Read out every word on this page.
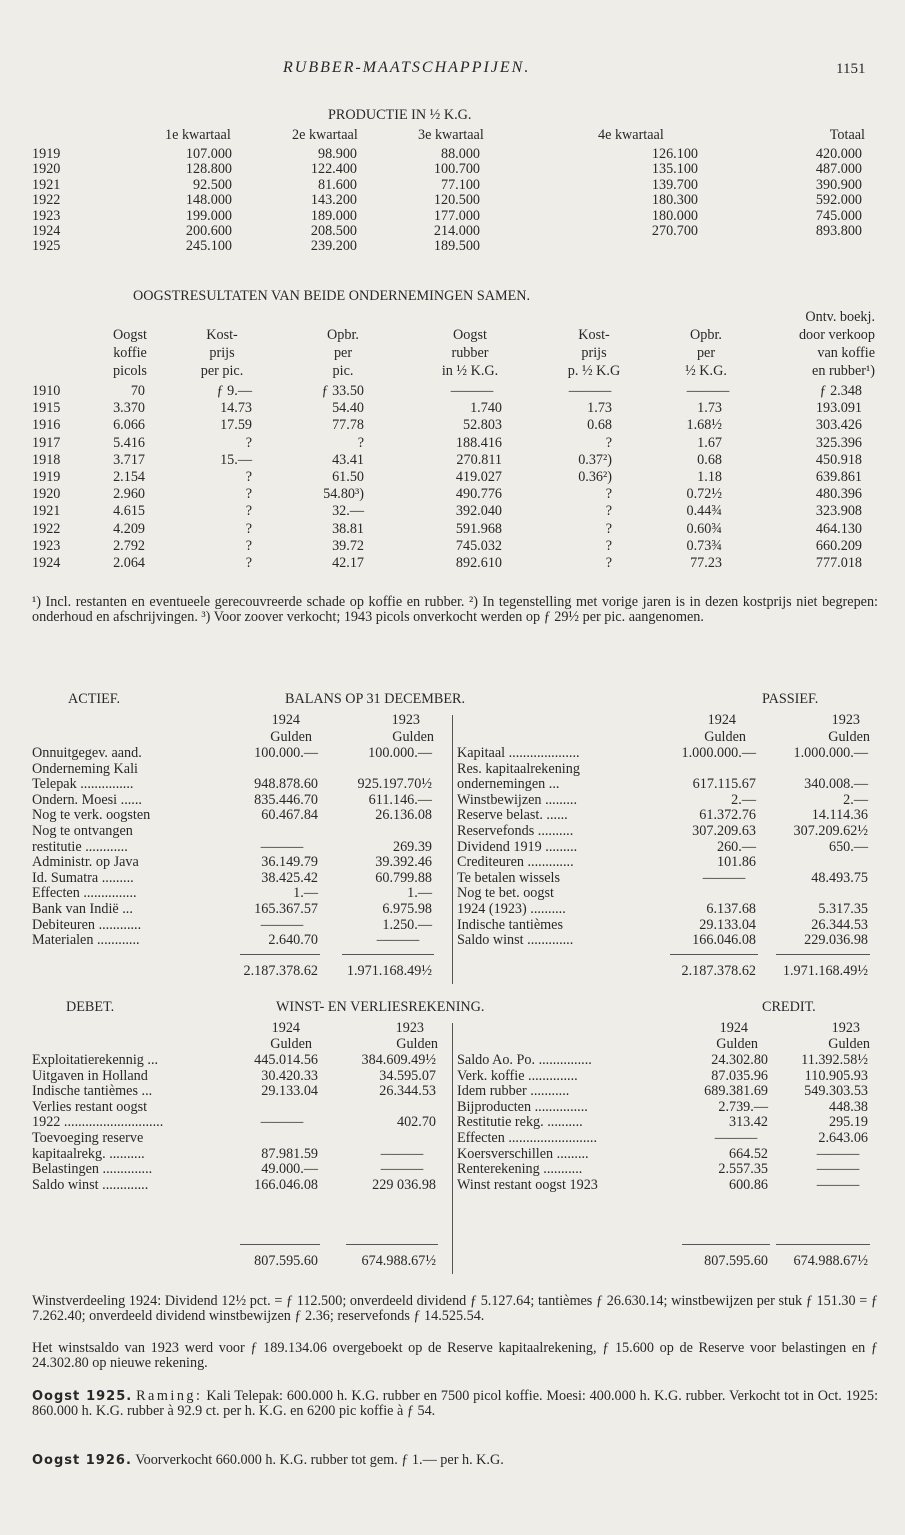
RUBBER-MAATSCHAPPIJEN.	1151
PRODUCTIE IN ½ K.G.
1e kwartaal	2e kwartaal	3e kwartaal	4e kwartaal	Totaal
1919	107.000	98.900	88.000	126.100	420.000
1920	128.800	122.400	100.700	135.100	487.000
1921	92.500	81.600	77.100	139.700	390.900
1922	148.000	143.200	120.500	180.300	592.000
1923	199.000	189.000	177.000	180.000	745.000
1924	200.600	208.500	214.000	270.700	893.800
1925	245.100	239.200	189.500
OOGSTRESULTATEN VAN BEIDE ONDERNEMINGEN SAMEN.
Oogst
koffie
picols
Kost-
prijs
per pic.
Opbr.
per
pic.
Oogst
rubber
in ½ K.G.
Kost-
prijs
p. ½ K.G
Opbr.
per
½ K.G.
Ontv. boekj.
door verkoop
van koffie
en rubber¹)
1910	70	ƒ 9.—	ƒ 33.50	———	———	———	ƒ 2.348
1915	3.370	14.73	54.40	1.740	1.73	1.73	193.091
1916	6.066	17.59	77.78	52.803	0.68	1.68½	303.426
1917	5.416	?	?	188.416	?	1.67	325.396
1918	3.717	15.—	43.41	270.811	0.37²)	0.68	450.918
1919	2.154	?	61.50	419.027	0.36²)	1.18	639.861
1920	2.960	?	54.80³)	490.776	?	0.72½	480.396
1921	4.615	?	32.—	392.040	?	0.44¾	323.908
1922	4.209	?	38.81	591.968	?	0.60¾	464.130
1923	2.792	?	39.72	745.032	?	0.73¾	660.209
1924	2.064	?	42.17	892.610	?	77.23	777.018
¹) Incl. restanten en eventueele gerecouvreerde schade op koffie en rubber. ²) In tegenstelling met vorige jaren is in dezen kostprijs niet begrepen: onderhoud en afschrijvingen. ³) Voor zoover verkocht; 1943 picols onverkocht werden op ƒ 29½ per pic. aangenomen.
ACTIEF.	BALANS OP 31 DECEMBER.	PASSIEF.
1924	1923
Gulden	Gulden
1924	1923
Gulden	Gulden
Onnuitgegev. aand.	100.000.—	100.000.—
Onderneming Kali
Telepak ...............	948.878.60	925.197.70½
Ondern. Moesi ......	835.446.70	611.146.—
Nog te verk. oogsten	60.467.84	26.136.08
Nog te ontvangen
restitutie ............	———	269.39
Administr. op Java	36.149.79	39.392.46
Id. Sumatra .........	38.425.42	60.799.88
Effecten ...............	1.—	1.—
Bank van Indië ...	165.367.57	6.975.98
Debiteuren ............	———	1.250.—
Materialen ............	2.640.70	———
Kapitaal ....................	1.000.000.—	1.000.000.—
Res. kapitaalrekening
ondernemingen ...	617.115.67	340.008.—
Winstbewijzen .........	2.—	2.—
Reserve belast. ......	61.372.76	14.114.36
Reservefonds ..........	307.209.63	307.209.62½
Dividend 1919 .........	260.—	650.—
Crediteuren .............	101.86
Te betalen wissels	———	48.493.75
Nog te bet. oogst
1924 (1923) ..........	6.137.68	5.317.35
Indische tantièmes	29.133.04	26.344.53
Saldo winst .............	166.046.08	229.036.98
2.187.378.62 1.971.168.49½	2.187.378.62 1.971.168.49½
DEBET.	WINST- EN VERLIESREKENING.	CREDIT.
1924	1923
Gulden	Gulden
1924	1923
Gulden	Gulden
Exploitatierekennig ...	445.014.56	384.609.49½
Uitgaven in Holland	30.420.33	34.595.07
Indische tantièmes ...	29.133.04	26.344.53
Verlies restant oogst
1922 ............................	———	402.70
Toevoeging reserve
kapitaalrekg. ..........	87.981.59	———
Belastingen ..............	49.000.—	———
Saldo winst .............	166.046.08	229 036.98
Saldo Ao. Po. ...............	24.302.80 11.392.58½
Verk. koffie ..............	87.035.96	110.905.93
Idem rubber ...........	689.381.69	549.303.53
Bijproducten ...............	2.739.—	448.38
Restitutie rekg. ..........	313.42	295.19
Effecten .........................	———	2.643.06
Koersverschillen .........	664.52	———
Renterekening ...........	2.557.35	———
Winst restant oogst 1923	600.86	———
807.595.60	674.988.67½	807.595.60 674.988.67½
Winstverdeeling 1924: Dividend 12½ pct. = ƒ 112.500; onverdeeld dividend ƒ 5.127.64; tantièmes ƒ 26.630.14; winstbewijzen per stuk ƒ 151.30 = ƒ 7.262.40; onverdeeld dividend winstbewijzen ƒ 2.36; reservefonds ƒ 14.525.54.
Het winstsaldo van 1923 werd voor ƒ 189.134.06 overgeboekt op de Reserve kapitaalrekening, ƒ 15.600 op de Reserve voor belastingen en ƒ 24.302.80 op nieuwe rekening.
Oogst 1925. Raming: Kali Telepak: 600.000 h. K.G. rubber en 7500 picol koffie. Moesi: 400.000 h. K.G. rubber. Verkocht tot in Oct. 1925: 860.000 h. K.G. rubber à 92.9 ct. per h. K.G. en 6200 pic koffie à ƒ 54.
Oogst 1926. Voorverkocht 660.000 h. K.G. rubber tot gem. ƒ 1.— per h. K.G.
